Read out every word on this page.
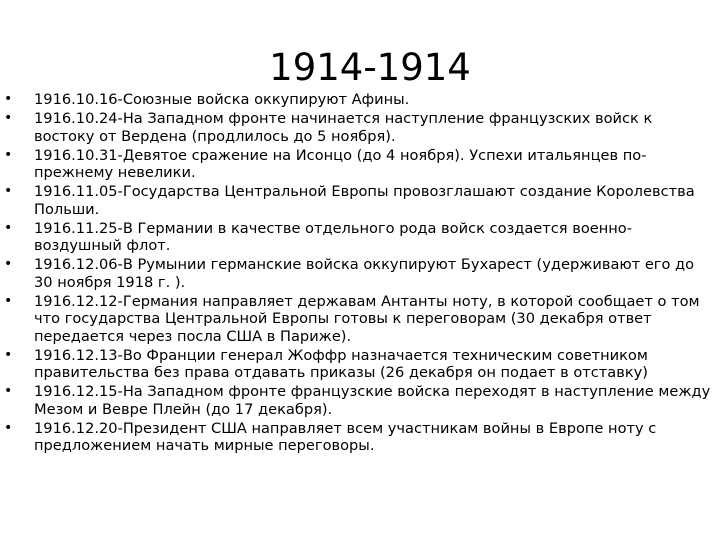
1914-1914
• 1916.10.16-Союзные войска оккупируют Афины.
• 1916.10.24-На Западном фронте начинается наступление французских войск к востоку от Вердена (продлилось до 5 ноября).
• 1916.10.31-Девятое сражение на Исонцо (до 4 ноября). Успехи итальянцев по-прежнему невелики.
• 1916.11.05-Государства Центральной Европы провозглашают создание Королевства Польши.
• 1916.11.25-В Германии в качестве отдельного рода войск создается военно-воздушный флот.
• 1916.12.06-В Румынии германские войска оккупируют Бухарест (удерживают его до 30 ноября 1918 г. ).
• 1916.12.12-Германия направляет державам Антанты ноту, в которой сообщает о том что государства Центральной Европы готовы к переговорам (30 декабря ответ передается через посла США в Париже).
• 1916.12.13-Во Франции генерал Жоффр назначается техническим советником правительства без права отдавать приказы (26 декабря он подает в отставку)
• 1916.12.15-На Западном фронте французские войска переходят в наступление между Мезом и Вевре Плейн (до 17 декабря).
• 1916.12.20-Президент США направляет всем участникам войны в Европе ноту с предложением начать мирные переговоры.
